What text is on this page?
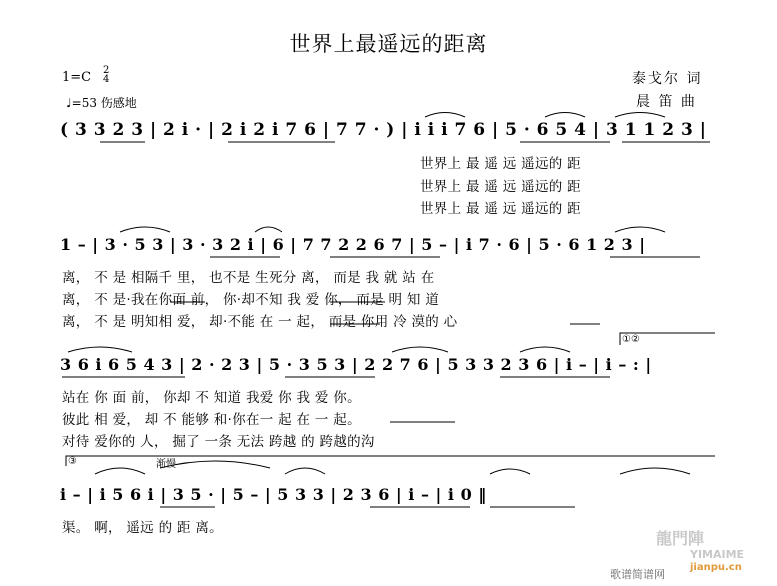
世界上最遥远的距离
1=C 2
4
♩=53 伤感地
泰戈尔 词
晨 笛 曲
( 3 3 2 3 | 2 i · | 2 i 2 i 7 6 | 7 7 · ) | i i i 7 6 | 5 · 6 5 4 | 3 1 1 2 3 |
世界上 最 遥 远 遥远的 距
世界上 最 遥 远 遥远的 距
世界上 最 遥 远 遥远的 距
1 – | 3 · 5 3 | 3 · 3 2 i | 6 | 7 7 2 2 6 7 | 5 – | i 7 · 6 | 5 · 6 1 2 3 |
离， 不 是 相隔千 里， 也不是 生死分 离， 而是 我 就 站 在
离， 不 是·我在你面 前， 你·却不知 我 爱 你， 而是 明 知 道
离， 不 是 明知相 爱， 却·不能 在 一 起， 而是 你用 冷 漠的 心
①②
3 6 i 6 5 4 3 | 2 · 2 3 | 5 · 3 5 3 | 2 2 7 6 | 5 3 3 2 3 6 | i – | i – : |
站在 你 面 前， 你却 不 知道 我爱 你 我 爱 你。
彼此 相 爱， 却 不 能够 和·你在一 起 在 一 起。
对待 爱你的 人， 掘了 一条 无法 跨越 的 跨越的沟
③	渐慢
i – | i 5 6 i | 3 5 · | 5 – | 5 3 3 | 2 3 6 | i – | i 0 ‖
渠。 啊， 遥远 的 距 离。
龍門陣
YIMAIME
jianpu.cn
歌谱简谱网
